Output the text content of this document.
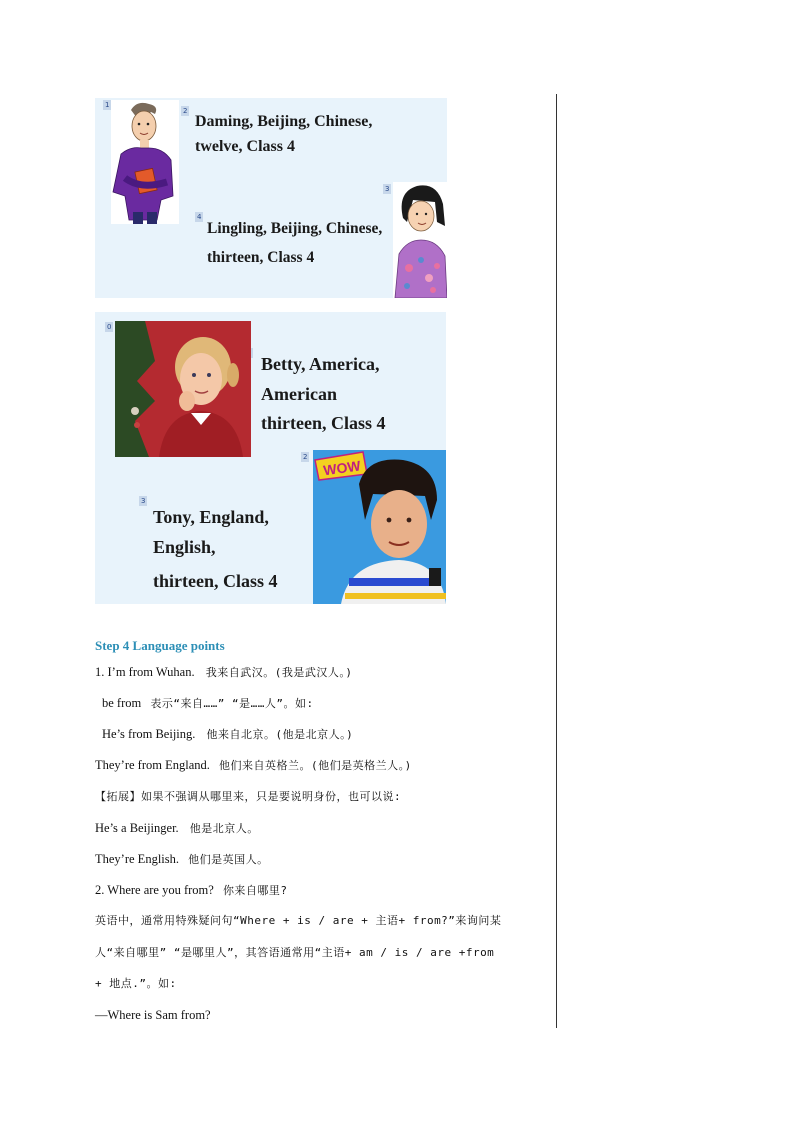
1
2
3
4
Daming, Beijing, Chinese,
twelve, Class 4
Lingling, Beijing, Chinese,
thirteen, Class 4
0
2
3
Betty, America, American
thirteen, Class 4
WOW
Tony, England,
English,
thirteen, Class 4
Step 4 Language points
1. I’m from Wuhan. 我来自武汉。(我是武汉人。)
be from 表示“来自……” “是……人”。如:
He’s from Beijing. 他来自北京。(他是北京人。)
They’re from England. 他们来自英格兰。(他们是英格兰人。)
【拓展】如果不强调从哪里来，只是要说明身份，也可以说:
He’s a Beijinger. 他是北京人。
They’re English. 他们是英国人。
2. Where are you from? 你来自哪里?
英语中，通常用特殊疑问句“Where + is / are + 主语+ from?”来询问某
人“来自哪里” “是哪里人”，其答语通常用“主语+ am / is / are +from
+ 地点.”。如:
—Where is Sam from?
